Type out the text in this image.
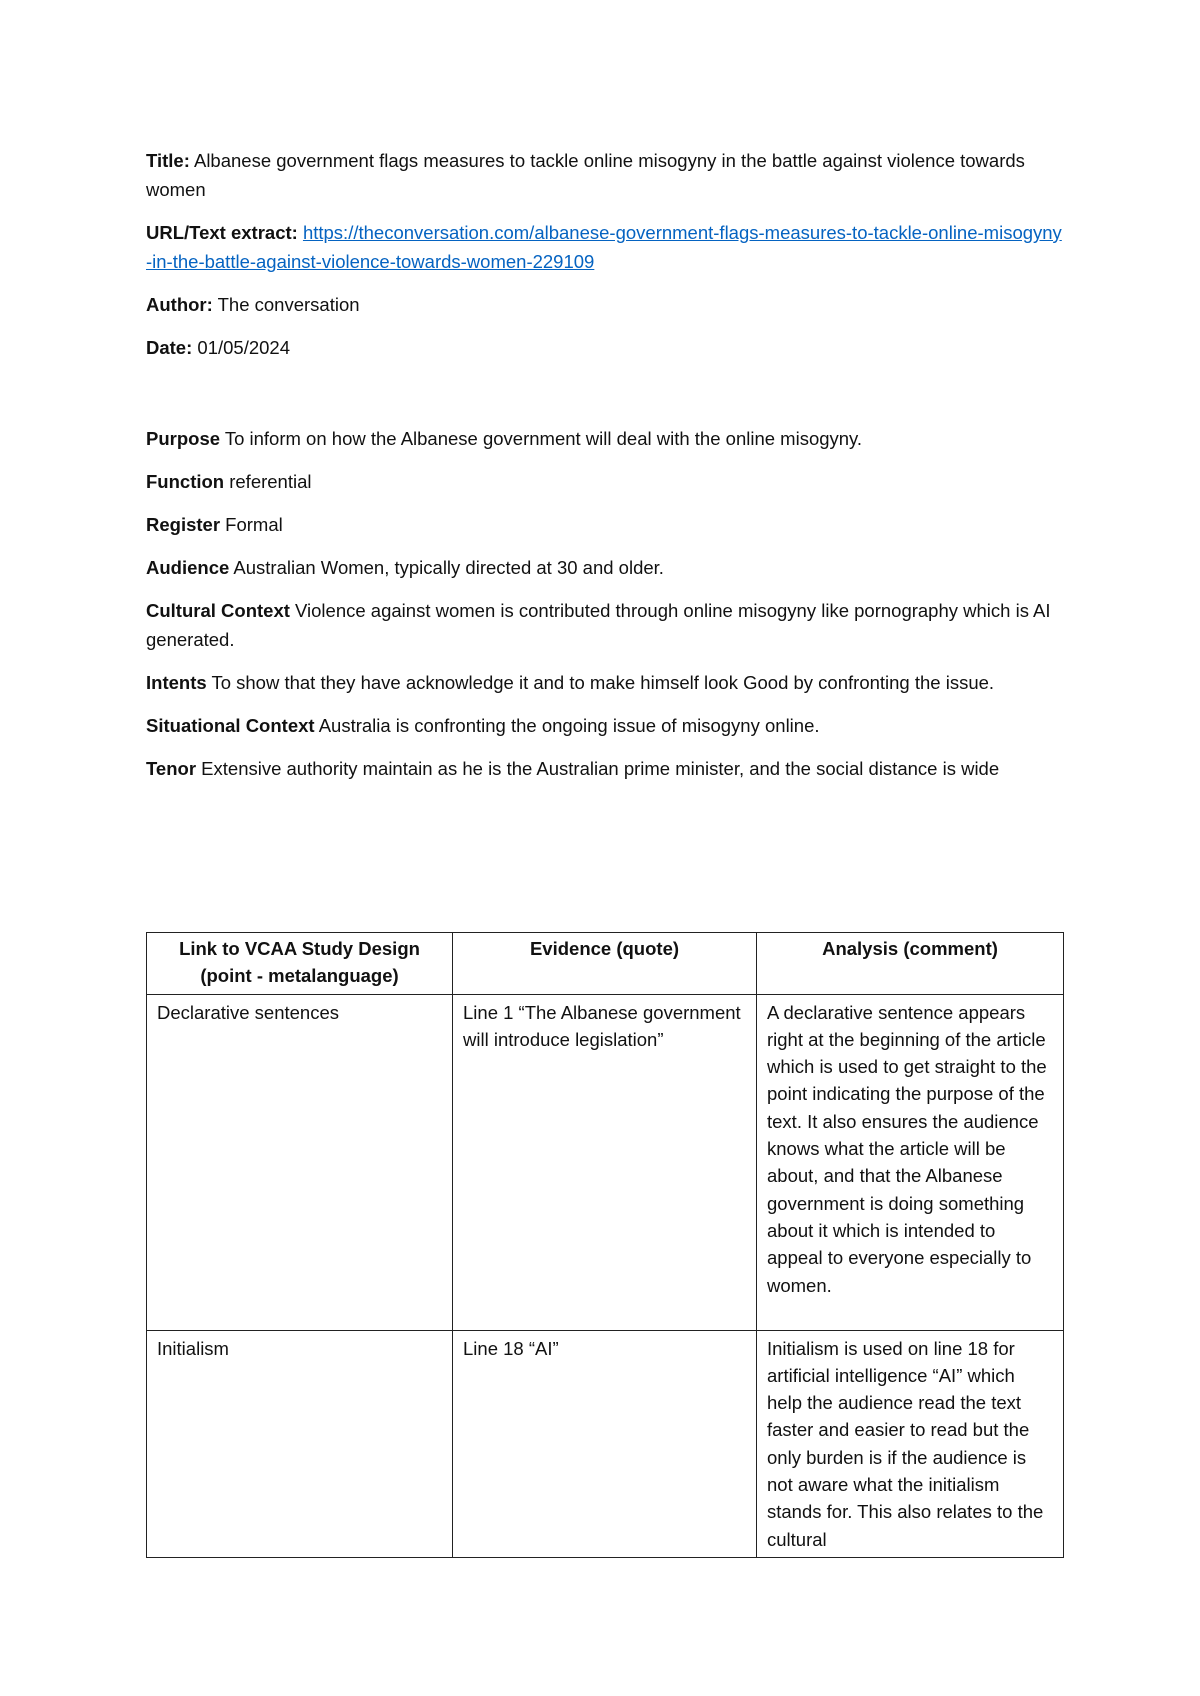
Title: Albanese government flags measures to tackle online misogyny in the battle against violence towards women

URL/Text extract: https://theconversation.com/albanese-government-flags-measures-to-tackle-online-misogyny-in-the-battle-against-violence-towards-women-229109

Author: The conversation

Date: 01/05/2024

Purpose To inform on how the Albanese government will deal with the online misogyny.

Function referential

Register Formal

Audience Australian Women, typically directed at 30 and older.

Cultural Context Violence against women is contributed through online misogyny like pornography which is AI generated.

Intents To show that they have acknowledge it and to make himself look Good by confronting the issue.

Situational Context Australia is confronting the ongoing issue of misogyny online.

Tenor Extensive authority maintain as he is the Australian prime minister, and the social distance is wide

Link to VCAA Study Design (point - metalanguage)	Evidence (quote)	Analysis (comment)
Declarative sentences	Line 1 “The Albanese government will introduce legislation”	A declarative sentence appears right at the beginning of the article which is used to get straight to the point indicating the purpose of the text. It also ensures the audience knows what the article will be about, and that the Albanese government is doing something about it which is intended to appeal to everyone especially to women.
Initialism	Line 18 “AI”	Initialism is used on line 18 for artificial intelligence “AI” which help the audience read the text faster and easier to read but the only burden is if the audience is not aware what the initialism stands for. This also relates to the cultural
